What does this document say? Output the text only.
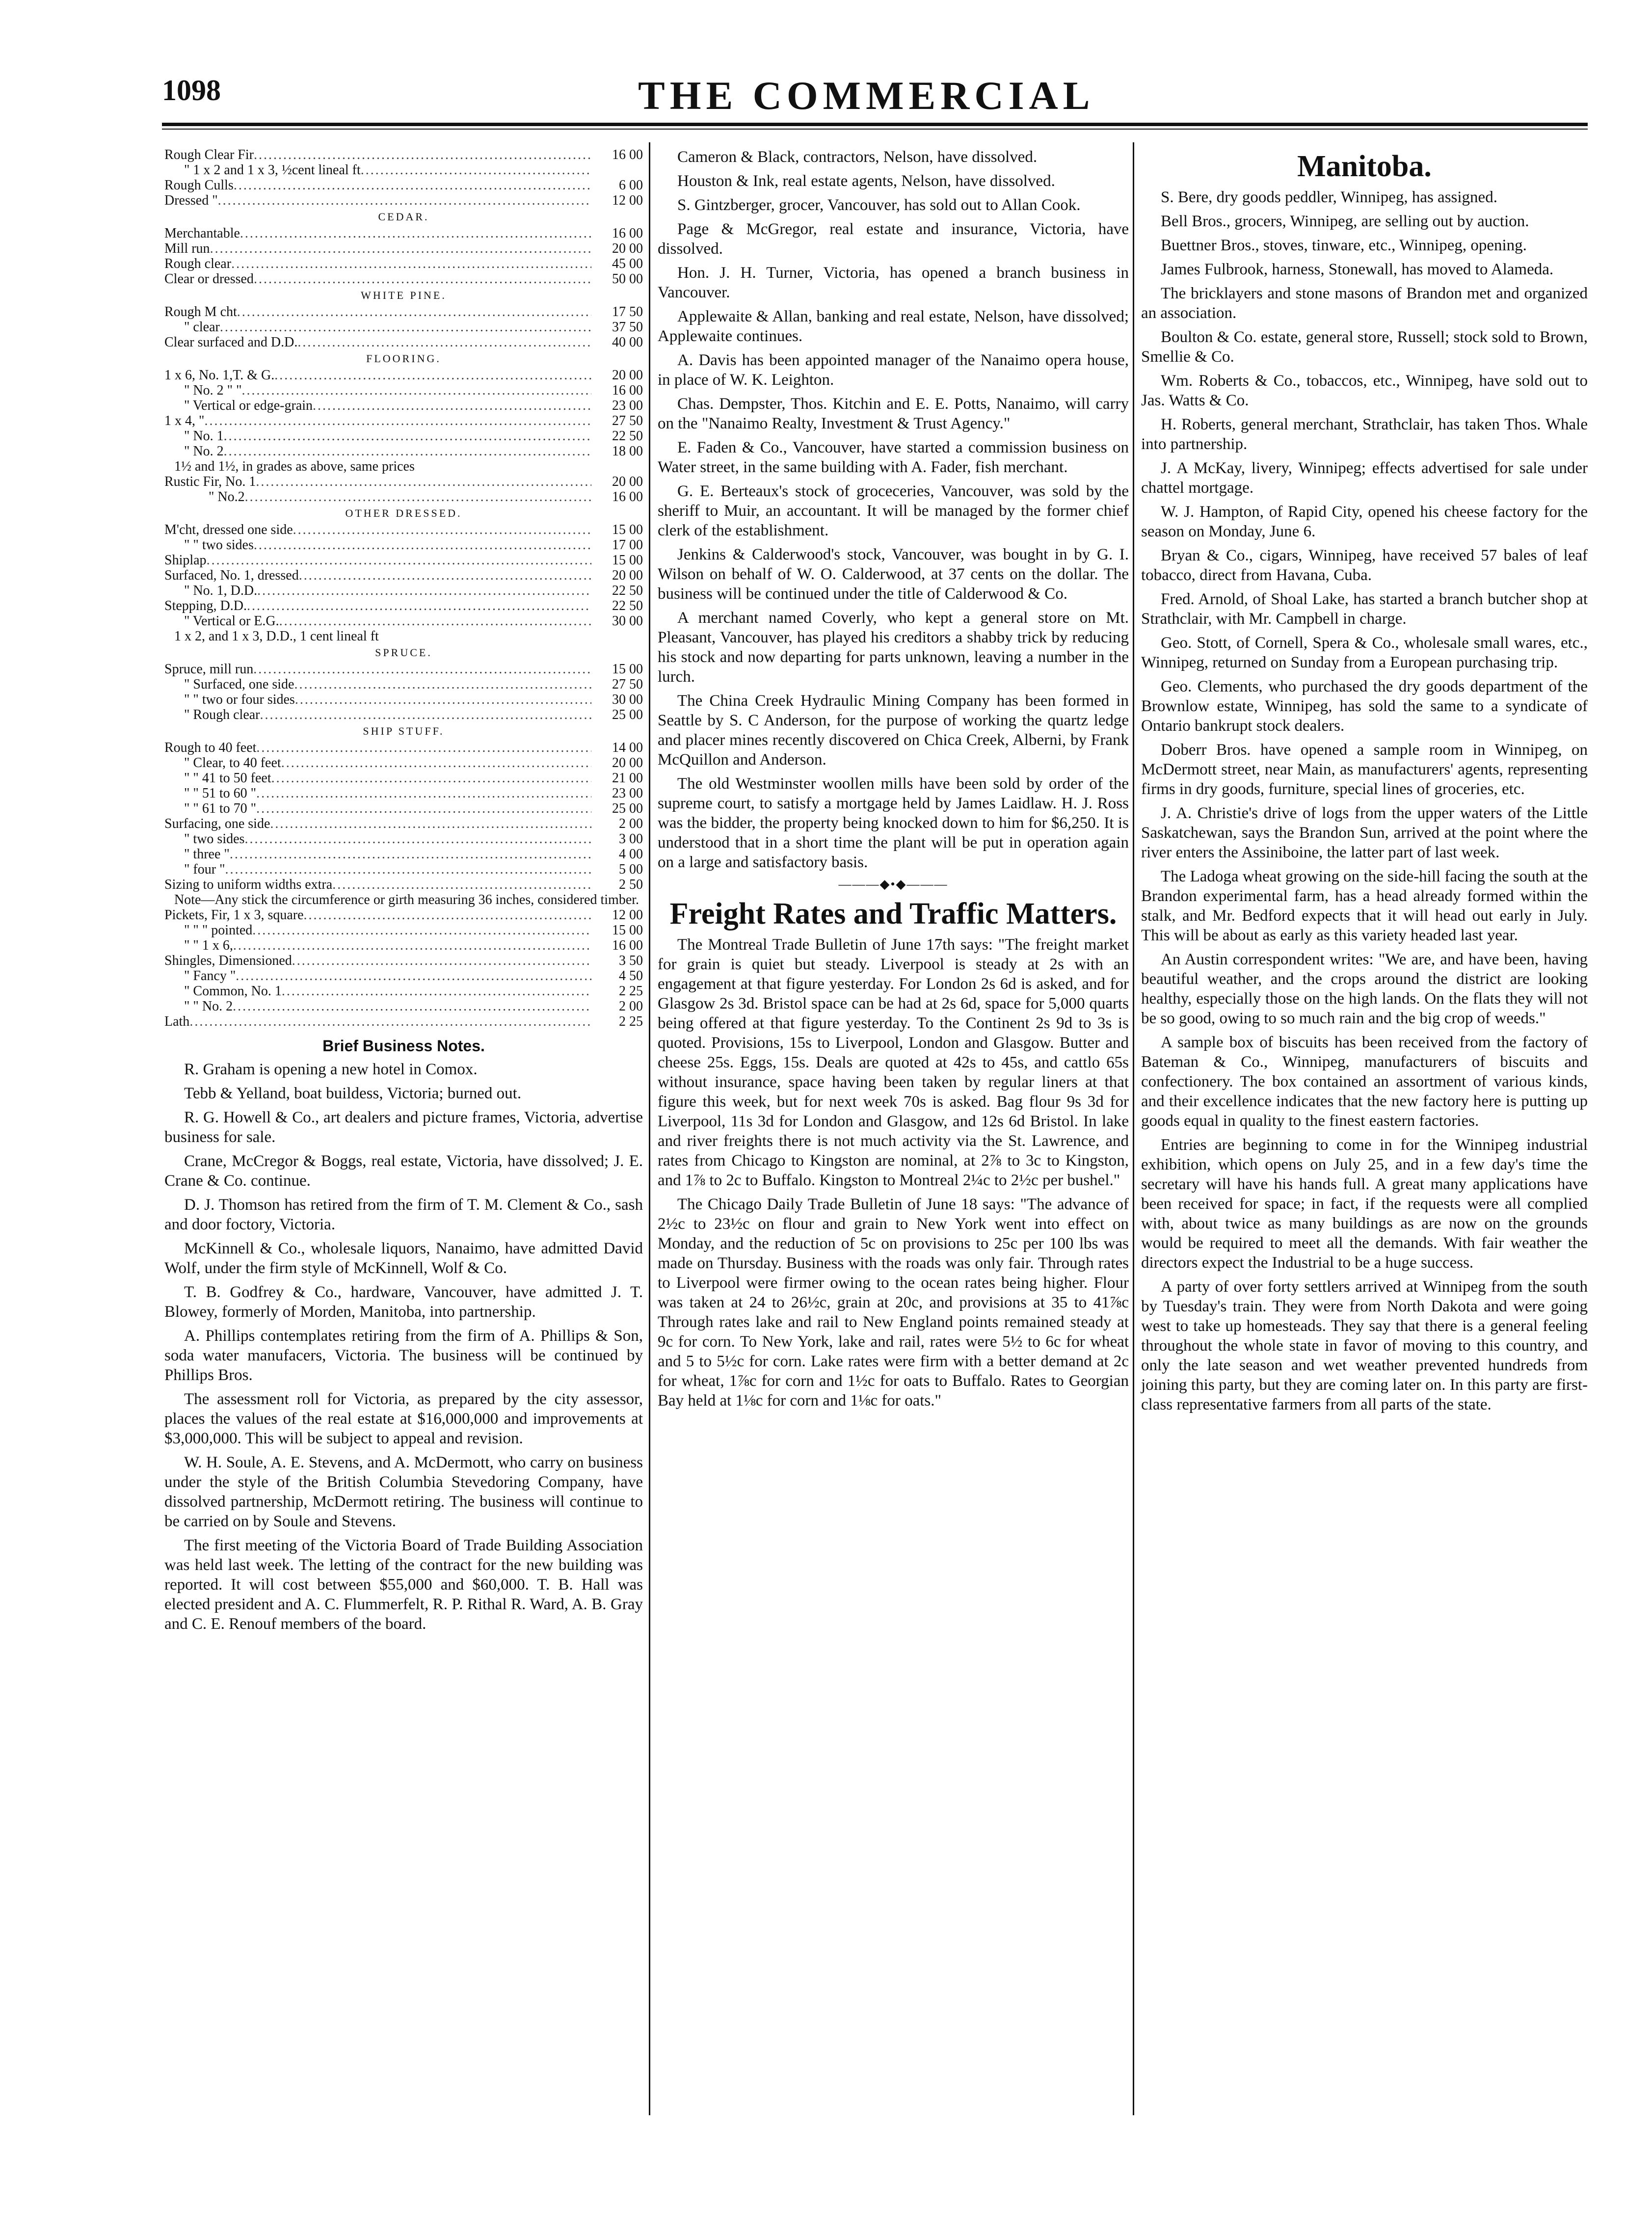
1098	THE COMMERCIAL
Rough Clear Fir .....	16 00
" 1 x 2 and 1 x 3, ½cent lineal ft
.....
Rough Culls .....	6 00
Dressed " .....	12 00
CEDAR.
Merchantable .....	16 00
Mill run .....	20 00
Rough clear .....	45 00
Clear or dressed .....	50 00
WHITE PINE.
Rough M cht .....	17 50
" clear .....	37 50
Clear surfaced and D.D. .....	40 00
FLOORING.
1 x 6, No. 1,T. & G. .....	20 00
" No. 2 " " .....	16 00
" Vertical or edge-grain .....	23 00
1 x 4, " .....	27 50
" No. 1 .....	22 50
" No. 2 .....	18 00
1½ and 1½, in grades as above, same prices
Rustic Fir, No. 1 .....	20 00
" No.2 .....	16 00
OTHER DRESSED.
M'cht, dressed one side .....	15 00
" " two sides .....	17 00
Shiplap .....	15 00
Surfaced, No. 1, dressed .....	20 00
" No. 1, D.D. .....	22 50
Stepping, D.D. .....	22 50
" Vertical or E.G. .....	30 00
1 x 2, and 1 x 3, D.D., 1 cent lineal ft
SPRUCE.
Spruce, mill run .....	15 00
" Surfaced, one side .....	27 50
" " two or four sides .....	30 00
" Rough clear .....	25 00
SHIP STUFF.
Rough to 40 feet .....	14 00
" Clear, to 40 feet .....	20 00
" " 41 to 50 feet .....	21 00
" " 51 to 60 " .....	23 00
" " 61 to 70 " .....	25 00
Surfacing, one side .....	2 00
" two sides .....	3 00
" three " .....	4 00
" four " .....	5 00
Sizing to uniform widths extra .....	2 50
Note—Any stick the circumference or girth measuring 36 inches, considered timber.
Pickets, Fir, 1 x 3, square .....	12 00
" " " pointed .....	15 00
" " 1 x 6, .....	16 00
Shingles, Dimensioned .....	3 50
" Fancy " .....	4 50
" Common, No. 1 .....	2 25
" " No. 2 .....	2 00
Lath .....	2 25
Brief Business Notes.

R. Graham is opening a new hotel in Comox.

Tebb & Yelland, boat buildess, Victoria; burned out.

R. G. Howell & Co., art dealers and picture frames, Victoria, advertise business for sale.

Crane, McCregor & Boggs, real estate, Victoria, have dissolved; J. E. Crane & Co. continue.

D. J. Thomson has retired from the firm of T. M. Clement & Co., sash and door foctory, Victoria.

McKinnell & Co., wholesale liquors, Nanaimo, have admitted David Wolf, under the firm style of McKinnell, Wolf & Co.

T. B. Godfrey & Co., hardware, Vancouver, have admitted J. T. Blowey, formerly of Morden, Manitoba, into partnership.

A. Phillips contemplates retiring from the firm of A. Phillips & Son, soda water manufacers, Victoria. The business will be continued by Phillips Bros.

The assessment roll for Victoria, as prepared by the city assessor, places the values of the real estate at $16,000,000 and improvements at $3,000,000. This will be subject to appeal and revision.

W. H. Soule, A. E. Stevens, and A. McDermott, who carry on business under the style of the British Columbia Stevedoring Company, have dissolved partnership, McDermott retiring. The business will continue to be carried on by Soule and Stevens.

The first meeting of the Victoria Board of Trade Building Association was held last week. The letting of the contract for the new building was reported. It will cost between $55,000 and $60,000. T. B. Hall was elected president and A. C. Flummerfelt, R. P. Rithal R. Ward, A. B. Gray and C. E. Renouf members of the board.

Cameron & Black, contractors, Nelson, have dissolved.

Houston & Ink, real estate agents, Nelson, have dissolved.

S. Gintzberger, grocer, Vancouver, has sold out to Allan Cook.

Page & McGregor, real estate and insurance, Victoria, have dissolved.

Hon. J. H. Turner, Victoria, has opened a branch business in Vancouver.

Applewaite & Allan, banking and real estate, Nelson, have dissolved; Applewaite continues.

A. Davis has been appointed manager of the Nanaimo opera house, in place of W. K. Leighton.

Chas. Dempster, Thos. Kitchin and E. E. Potts, Nanaimo, will carry on the "Nanaimo Realty, Investment & Trust Agency."

E. Faden & Co., Vancouver, have started a commission business on Water street, in the same building with A. Fader, fish merchant.

G. E. Berteaux's stock of groceceries, Vancouver, was sold by the sheriff to Muir, an accountant. It will be managed by the former chief clerk of the establishment.

Jenkins & Calderwood's stock, Vancouver, was bought in by G. I. Wilson on behalf of W. O. Calderwood, at 37 cents on the dollar. The business will be continued under the title of Calderwood & Co.

A merchant named Coverly, who kept a general store on Mt. Pleasant, Vancouver, has played his creditors a shabby trick by reducing his stock and now departing for parts unknown, leaving a number in the lurch.

The China Creek Hydraulic Mining Company has been formed in Seattle by S. C Anderson, for the purpose of working the quartz ledge and placer mines recently discovered on Chica Creek, Alberni, by Frank McQuillon and Anderson.

The old Westminster woollen mills have been sold by order of the supreme court, to satisfy a mortgage held by James Laidlaw. H. J. Ross was the bidder, the property being knocked down to him for $6,250. It is understood that in a short time the plant will be put in operation again on a large and satisfactory basis.

———◆•◆———
Freight Rates and Traffic Matters.

The Montreal Trade Bulletin of June 17th says: "The freight market for grain is quiet but steady. Liverpool is steady at 2s with an engagement at that figure yesterday. For London 2s 6d is asked, and for Glasgow 2s 3d. Bristol space can be had at 2s 6d, space for 5,000 quarts being offered at that figure yesterday. To the Continent 2s 9d to 3s is quoted. Provisions, 15s to Liverpool, London and Glasgow. Butter and cheese 25s. Eggs, 15s. Deals are quoted at 42s to 45s, and cattlo 65s without insurance, space having been taken by regular liners at that figure this week, but for next week 70s is asked. Bag flour 9s 3d for Liverpool, 11s 3d for London and Glasgow, and 12s 6d Bristol. In lake and river freights there is not much activity via the St. Lawrence, and rates from Chicago to Kingston are nominal, at 2⅞ to 3c to Kingston, and 1⅞ to 2c to Buffalo. Kingston to Montreal 2¼c to 2½c per bushel."

The Chicago Daily Trade Bulletin of June 18 says: "The advance of 2½c to 23½c on flour and grain to New York went into effect on Monday, and the reduction of 5c on provisions to 25c per 100 lbs was made on Thursday. Business with the roads was only fair. Through rates to Liverpool were firmer owing to the ocean rates being higher. Flour was taken at 24 to 26½c, grain at 20c, and provisions at 35 to 41⅞c Through rates lake and rail to New England points remained steady at 9c for corn. To New York, lake and rail, rates were 5½ to 6c for wheat and 5 to 5½c for corn. Lake rates were firm with a better demand at 2c for wheat, 1⅞c for corn and 1½c for oats to Buffalo. Rates to Georgian Bay held at 1⅛c for corn and 1⅛c for oats."

Manitoba.

S. Bere, dry goods peddler, Winnipeg, has assigned.

Bell Bros., grocers, Winnipeg, are selling out by auction.

Buettner Bros., stoves, tinware, etc., Winnipeg, opening.

James Fulbrook, harness, Stonewall, has moved to Alameda.

The bricklayers and stone masons of Brandon met and organized an association.

Boulton & Co. estate, general store, Russell; stock sold to Brown, Smellie & Co.

Wm. Roberts & Co., tobaccos, etc., Winnipeg, have sold out to Jas. Watts & Co.

H. Roberts, general merchant, Strathclair, has taken Thos. Whale into partnership.

J. A McKay, livery, Winnipeg; effects advertised for sale under chattel mortgage.

W. J. Hampton, of Rapid City, opened his cheese factory for the season on Monday, June 6.

Bryan & Co., cigars, Winnipeg, have received 57 bales of leaf tobacco, direct from Havana, Cuba.

Fred. Arnold, of Shoal Lake, has started a branch butcher shop at Strathclair, with Mr. Campbell in charge.

Geo. Stott, of Cornell, Spera & Co., wholesale small wares, etc., Winnipeg, returned on Sunday from a European purchasing trip.

Geo. Clements, who purchased the dry goods department of the Brownlow estate, Winnipeg, has sold the same to a syndicate of Ontario bankrupt stock dealers.

Doberr Bros. have opened a sample room in Winnipeg, on McDermott street, near Main, as manufacturers' agents, representing firms in dry goods, furniture, special lines of groceries, etc.

J. A. Christie's drive of logs from the upper waters of the Little Saskatchewan, says the Brandon Sun, arrived at the point where the river enters the Assiniboine, the latter part of last week.

The Ladoga wheat growing on the side-hill facing the south at the Brandon experimental farm, has a head already formed within the stalk, and Mr. Bedford expects that it will head out early in July. This will be about as early as this variety headed last year.

An Austin correspondent writes: "We are, and have been, having beautiful weather, and the crops around the district are looking healthy, especially those on the high lands. On the flats they will not be so good, owing to so much rain and the big crop of weeds."

A sample box of biscuits has been received from the factory of Bateman & Co., Winnipeg, manufacturers of biscuits and confectionery. The box contained an assortment of various kinds, and their excellence indicates that the new factory here is putting up goods equal in quality to the finest eastern factories.

Entries are beginning to come in for the Winnipeg industrial exhibition, which opens on July 25, and in a few day's time the secretary will have his hands full. A great many applications have been received for space; in fact, if the requests were all complied with, about twice as many buildings as are now on the grounds would be required to meet all the demands. With fair weather the directors expect the Industrial to be a huge success.

A party of over forty settlers arrived at Winnipeg from the south by Tuesday's train. They were from North Dakota and were going west to take up homesteads. They say that there is a general feeling throughout the whole state in favor of moving to this country, and only the late season and wet weather prevented hundreds from joining this party, but they are coming later on. In this party are first-class representative farmers from all parts of the state.
